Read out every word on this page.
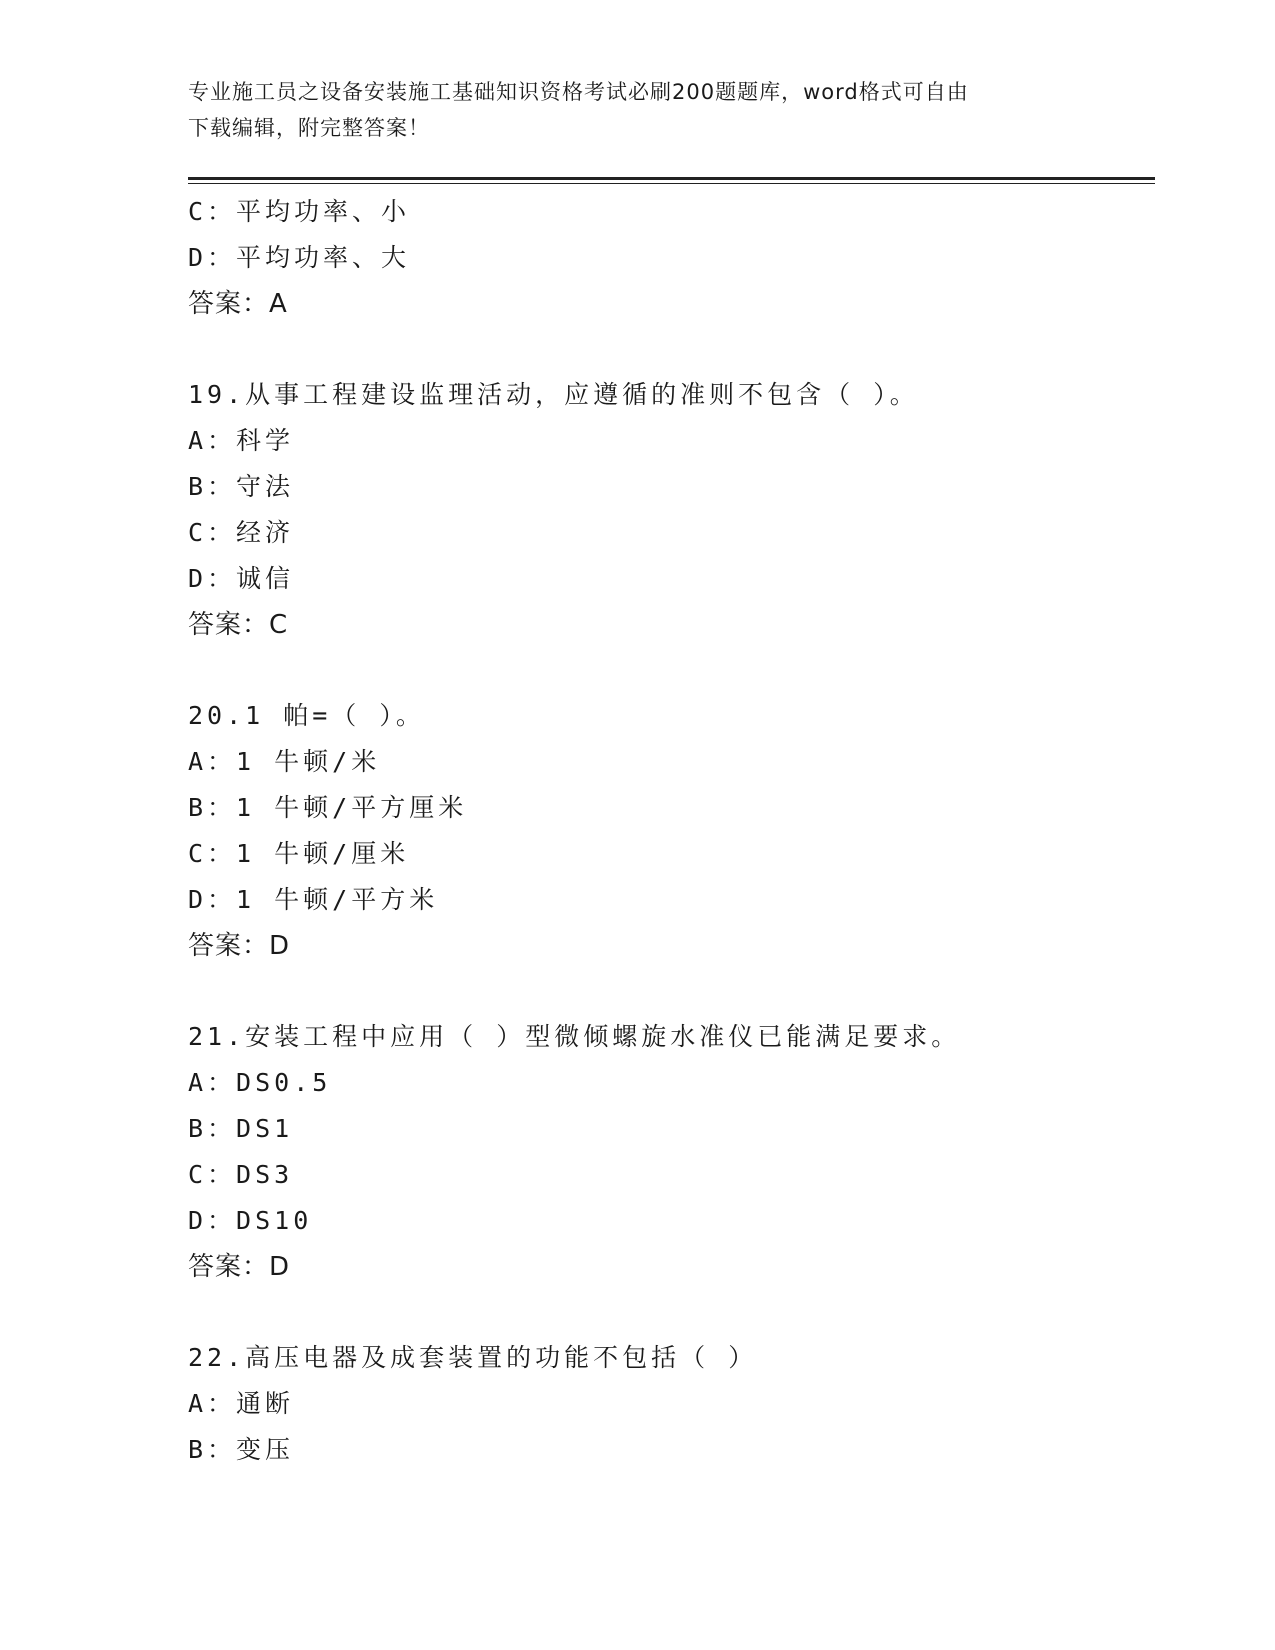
专业施工员之设备安装施工基础知识资格考试必刷200题题库，word格式可自由
下载编辑，附完整答案！
C：平均功率、小
D：平均功率、大
答案：A
19.从事工程建设监理活动，应遵循的准则不包含（ ）。
A：科学
B：守法
C：经济
D：诚信
答案：C
20.1 帕=（ ）。
A：1 牛顿/米
B：1 牛顿/平方厘米
C：1 牛顿/厘米
D：1 牛顿/平方米
答案：D
21.安装工程中应用（ ）型微倾螺旋水准仪已能满足要求。
A：DS0.5
B：DS1
C：DS3
D：DS10
答案：D
22.高压电器及成套装置的功能不包括（ ）
A：通断
B：变压
